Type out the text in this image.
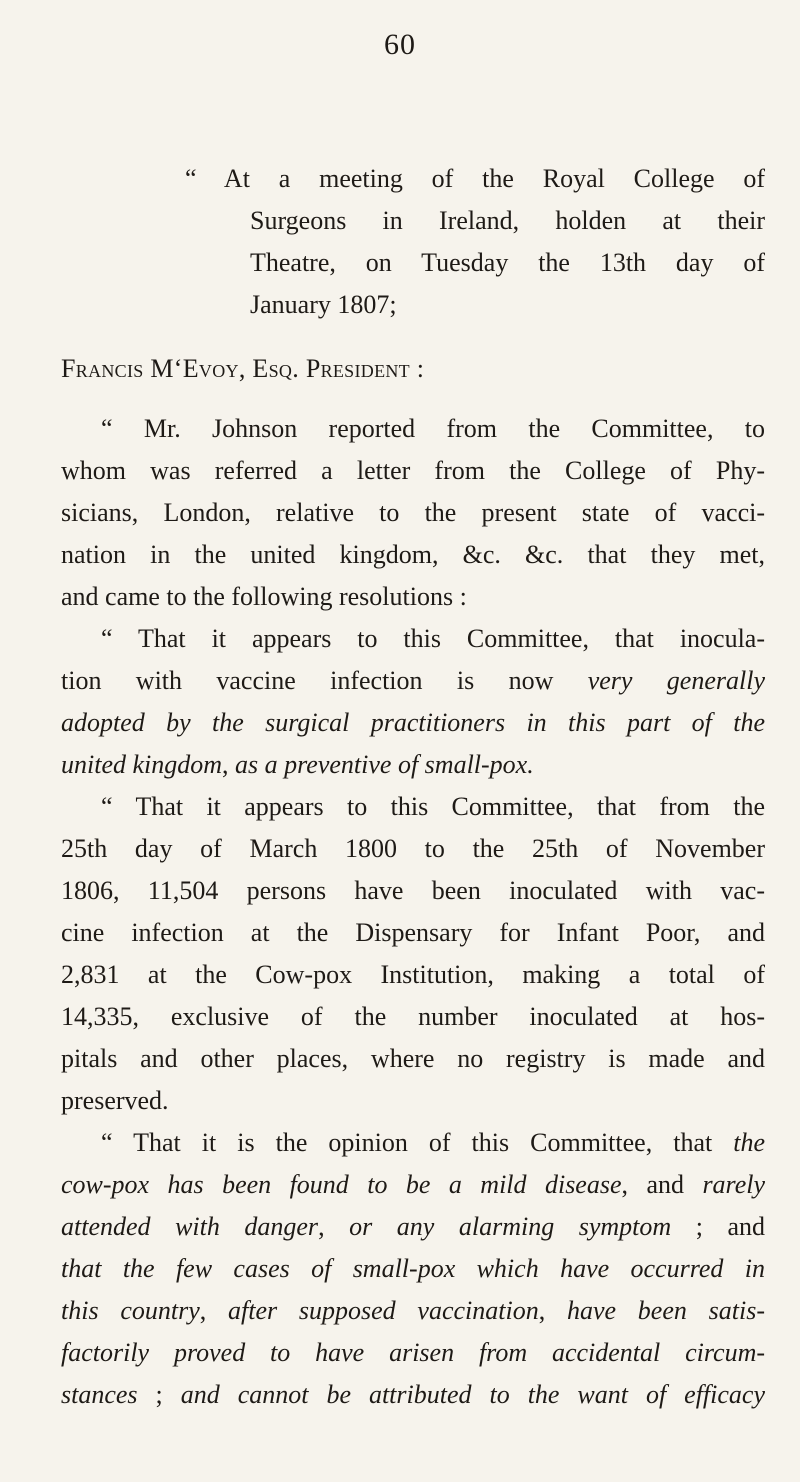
60
“ At a meeting of the Royal College of
Surgeons in Ireland, holden at their
Theatre, on Tuesday the 13th day of
January 1807;
Francis M‘Evoy, Esq. President :
“ Mr. Johnson reported from the Committee, to
whom was referred a letter from the College of Phy-
sicians, London, relative to the present state of vacci-
nation in the united kingdom, &c. &c. that they met,
and came to the following resolutions :
“ That it appears to this Committee, that inocula-
tion with vaccine infection is now very generally
adopted by the surgical practitioners in this part of the
united kingdom, as a preventive of small-pox.
“ That it appears to this Committee, that from the
25th day of March 1800 to the 25th of November
1806, 11,504 persons have been inoculated with vac-
cine infection at the Dispensary for Infant Poor, and
2,831 at the Cow-pox Institution, making a total of
14,335, exclusive of the number inoculated at hos-
pitals and other places, where no registry is made and
preserved.
“ That it is the opinion of this Committee, that the
cow-pox has been found to be a mild disease, and rarely
attended with danger, or any alarming symptom ; and
that the few cases of small-pox which have occurred in
this country, after supposed vaccination, have been satis-
factorily proved to have arisen from accidental circum-
stances ; and cannot be attributed to the want of efficacy
